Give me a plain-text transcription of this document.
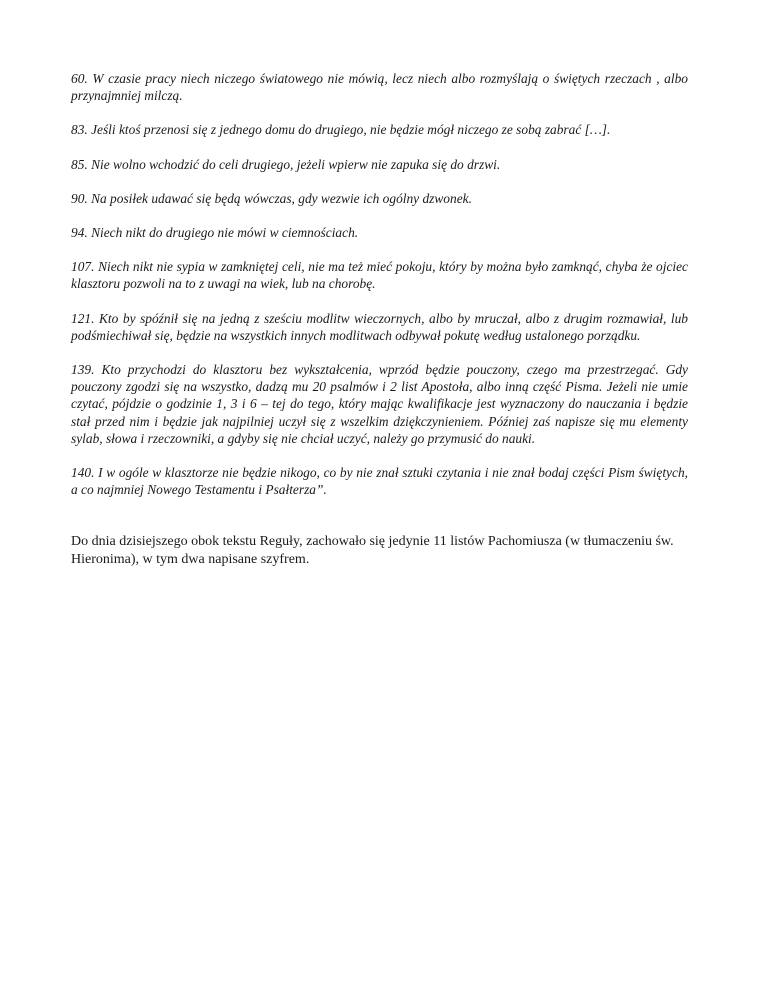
60. W czasie pracy niech niczego światowego nie mówią, lecz niech albo rozmyślają o świętych rzeczach , albo przynajmniej milczą.

83. Jeśli ktoś przenosi się z jednego domu do drugiego, nie będzie mógł niczego ze sobą zabrać […].

85. Nie wolno wchodzić do celi drugiego, jeżeli wpierw nie zapuka się do drzwi.

90. Na posiłek udawać się będą wówczas, gdy wezwie ich ogólny dzwonek.

94. Niech nikt do drugiego nie mówi w ciemnościach.

107. Niech nikt nie sypia w zamkniętej celi, nie ma też mieć pokoju, który by można było zamknąć, chyba że ojciec klasztoru pozwoli na to z uwagi na wiek, lub na chorobę.

121. Kto by spóźnił się na jedną z sześciu modlitw wieczornych, albo by mruczał, albo z drugim rozmawiał, lub podśmiechiwał się, będzie na wszystkich innych modlitwach odbywał pokutę według ustalonego porządku.

139. Kto przychodzi do klasztoru bez wykształcenia, wprzód będzie pouczony, czego ma przestrzegać. Gdy pouczony zgodzi się na wszystko, dadzą mu 20 psalmów i 2 list Apostoła, albo inną część Pisma. Jeżeli nie umie czytać, pójdzie o godzinie 1, 3 i 6 – tej do tego, który mając kwalifikacje jest wyznaczony do nauczania i będzie stał przed nim i będzie jak najpilniej uczył się z wszelkim dziękczynieniem. Później zaś napisze się mu elementy sylab, słowa i rzeczowniki, a gdyby się nie chciał uczyć, należy go przymusić do nauki.

140. I w ogóle w klasztorze nie będzie nikogo, co by nie znał sztuki czytania i nie znał bodaj części Pism świętych, a co najmniej Nowego Testamentu i Psałterza”.

Do dnia dzisiejszego obok tekstu Reguły, zachowało się jedynie 11 listów Pachomiusza (w tłumaczeniu św. Hieronima), w tym dwa napisane szyfrem.
